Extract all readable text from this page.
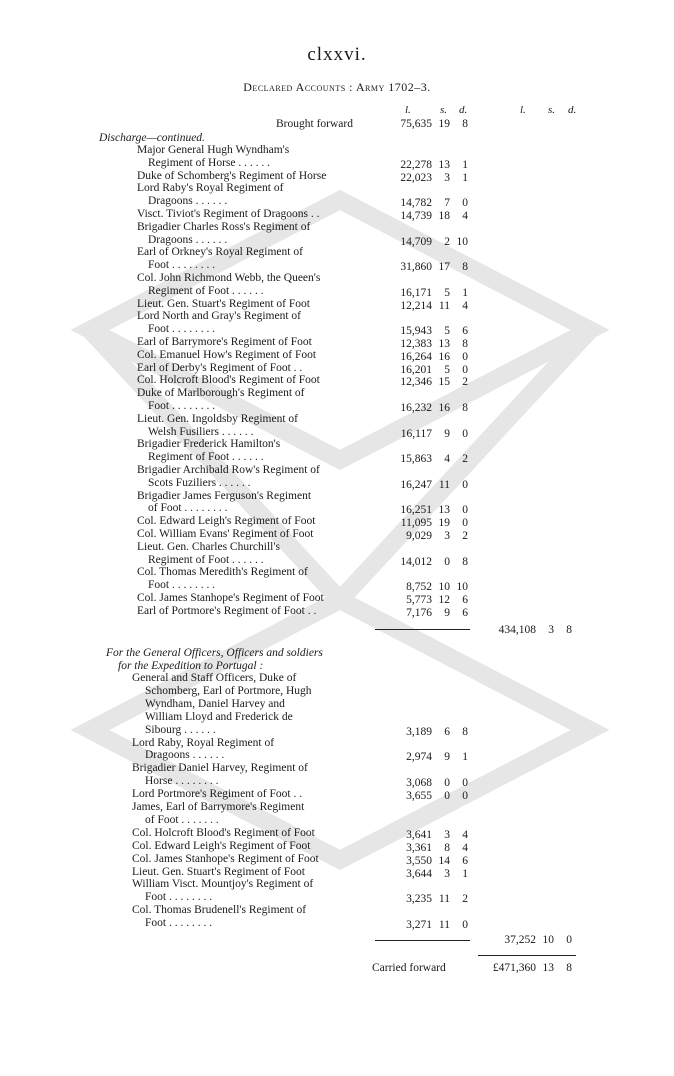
clxxvi.
Declared Accounts : Army 1702–3.
l.	s. d.	l. s. d.
Brought forward	75,635 19	8
Discharge—continued.
Major General Hugh Wyndham's
Regiment of Horse . . . . . .	22,278 13	1
Duke of Schomberg's Regiment of Horse	22,023	3	1
Lord Raby's Royal Regiment of
Dragoons . . . . . .	14,782	7	0
Visct. Tiviot's Regiment of Dragoons . .	14,739 18	4
Brigadier Charles Ross's Regiment of
Dragoons . . . . . .	14,709	2 10
Earl of Orkney's Royal Regiment of
Foot . . . . . . . .	31,860 17	8
Col. John Richmond Webb, the Queen's
Regiment of Foot . . . . . .	16,171	5	1
Lieut. Gen. Stuart's Regiment of Foot	12,214 11	4
Lord North and Gray's Regiment of
Foot . . . . . . . .	15,943	5	6
Earl of Barrymore's Regiment of Foot	12,383 13	8
Col. Emanuel How's Regiment of Foot	16,264 16	0
Earl of Derby's Regiment of Foot . .	16,201	5	0
Col. Holcroft Blood's Regiment of Foot	12,346 15	2
Duke of Marlborough's Regiment of
Foot . . . . . . . .	16,232 16	8
Lieut. Gen. Ingoldsby Regiment of
Welsh Fusiliers . . . . . .	16,117	9	0
Brigadier Frederick Hamilton's
Regiment of Foot . . . . . .	15,863	4	2
Brigadier Archibald Row's Regiment of
Scots Fuziliers . . . . . .	16,247 11	0
Brigadier James Ferguson's Regiment
of Foot . . . . . . . .	16,251 13	0
Col. Edward Leigh's Regiment of Foot	11,095 19	0
Col. William Evans' Regiment of Foot	9,029	3	2
Lieut. Gen. Charles Churchill's
Regiment of Foot . . . . . .	14,012	0	8
Col. Thomas Meredith's Regiment of
Foot . . . . . . . .	8,752 10 10
Col. James Stanhope's Regiment of Foot	5,773 12	6
Earl of Portmore's Regiment of Foot . .	7,176	9	6
434,108	3	8
For the General Officers, Officers and soldiers
for the Expedition to Portugal :
General and Staff Officers, Duke of
Schomberg, Earl of Portmore, Hugh
Wyndham, Daniel Harvey and
William Lloyd and Frederick de
Sibourg . . . . . .	3,189	6	8
Lord Raby, Royal Regiment of
Dragoons . . . . . .	2,974	9	1
Brigadier Daniel Harvey, Regiment of
Horse . . . . . . . .	3,068	0	0
Lord Portmore's Regiment of Foot . .	3,655	0	0
James, Earl of Barrymore's Regiment
of Foot . . . . . . .
Col. Holcroft Blood's Regiment of Foot	3,641	3	4
Col. Edward Leigh's Regiment of Foot	3,361	8	4
Col. James Stanhope's Regiment of Foot	3,550 14	6
Lieut. Gen. Stuart's Regiment of Foot	3,644	3	1
William Visct. Mountjoy's Regiment of
Foot . . . . . . . .	3,235 11	2
Col. Thomas Brudenell's Regiment of
Foot . . . . . . . .	3,271 11	0
37,252 10	0
Carried forward	£471,360 13	8
